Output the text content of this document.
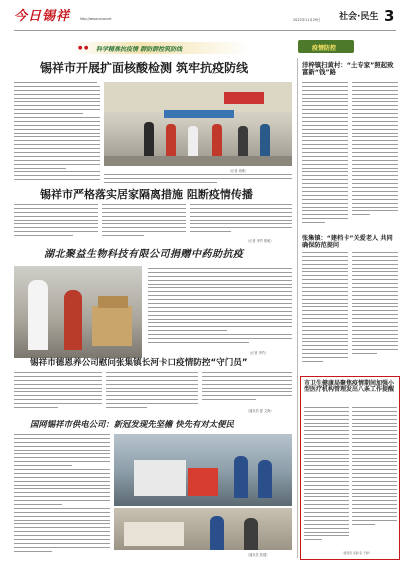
今日锡祥	http://www.xixw.net	2022年11月29日 社会·民生 3
● ● 科学精准抗疫情 群防群控筑防线	疫情防控
锡祥市开展扩面核酸检测 筑牢抗疫防线
（记者 周维）
锡祥市严格落实居家隔离措施 阻断疫情传播
（记者 李竹 焦敏）
湖北聚益生物科技有限公司捐赠中药助抗疫
（记者 李竹）
锡祥市德恩养公司慰问张集镇长河卡口疫情防控“守门员”
（通讯员 夏 文海）
国网锡祥市供电公司：新冠发现先坚檐 快先有对太便民
（通讯员 张健）
洋梓镇扫黄村：“土专家”照起致富新“钱”路
张集镇：“建档卡”关爱老人 共同确保防范提问
市卫生健康局聚焦疫情期间加强小型医疗机构管理发出八条工作提醒
（通讯员 张新 张 于婷）
